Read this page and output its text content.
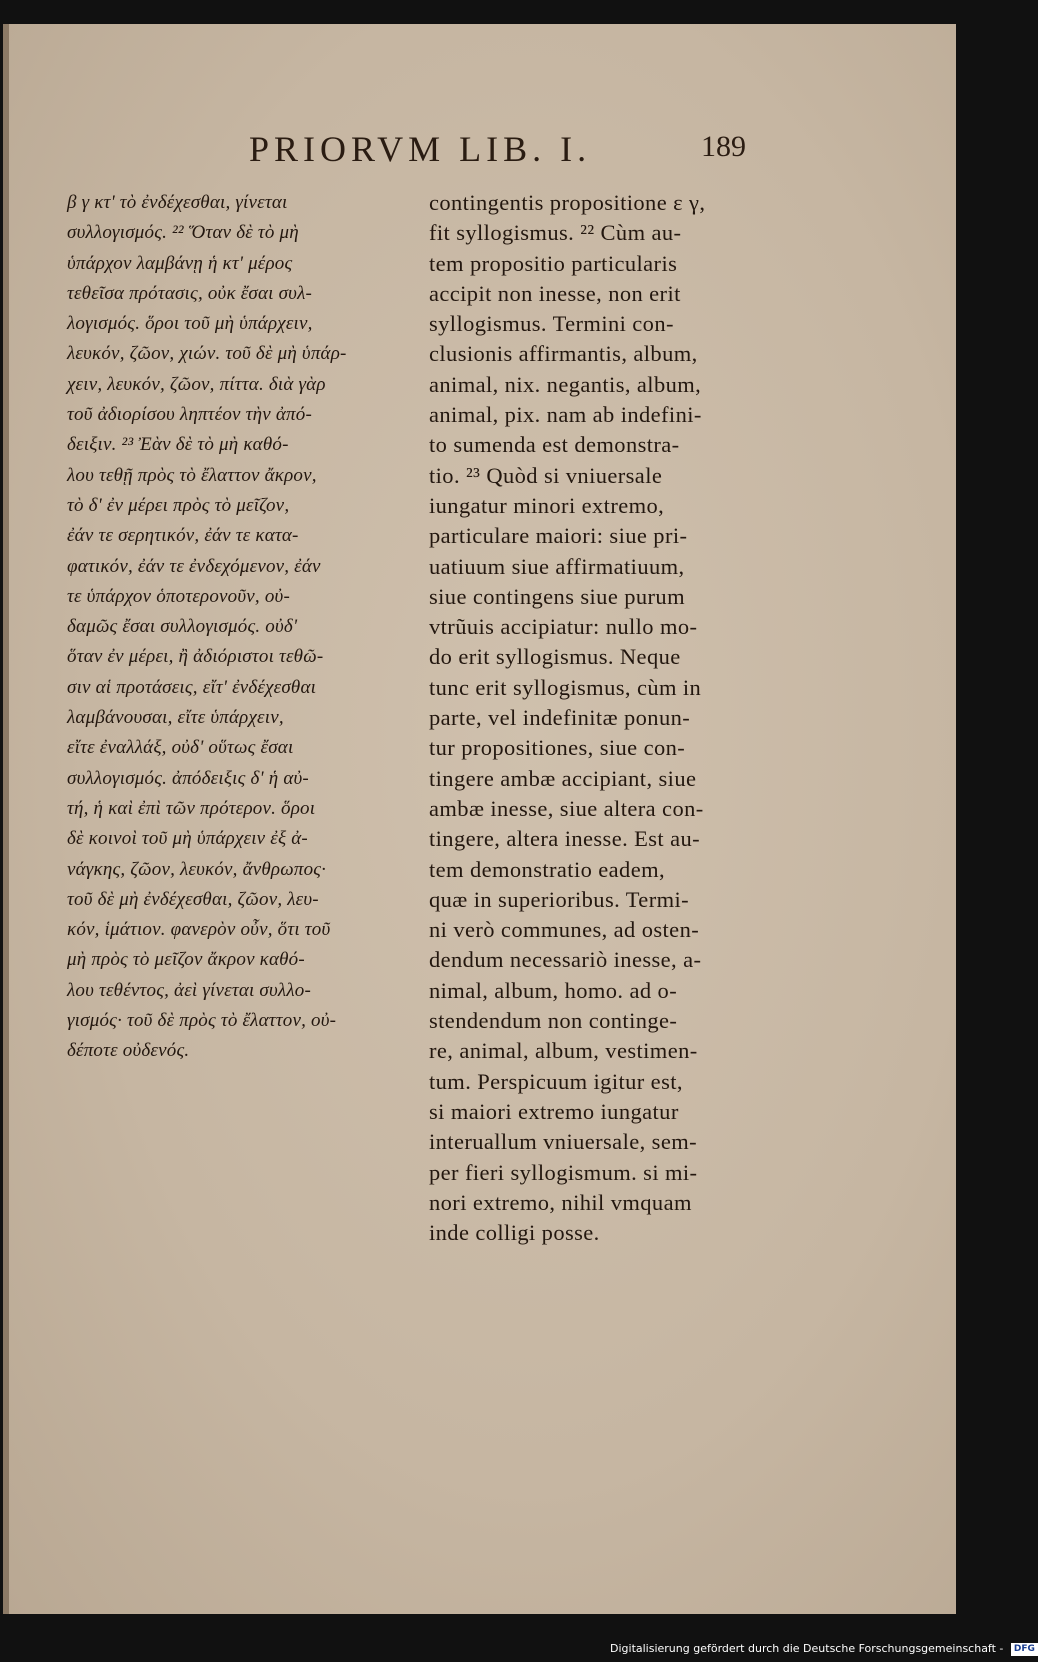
PRIORVM LIB. I.	189
β γ κτ' τὸ ἐνδέχεσθαι, γίνεται
συλλογισμός. ²² Ὅταν δὲ τὸ μὴ
ὑπάρχον λαμβάνῃ ἡ κτ' μέρος
τεθεῖσα πρότασις, οὐκ ἔσαι συλ-
λογισμός. ὅροι τοῦ μὴ ὑπάρχειν,
λευκόν, ζῶον, χιών. τοῦ δὲ μὴ ὑπάρ-
χειν, λευκόν, ζῶον, πίττα. διὰ γὰρ
τοῦ ἀδιορίσου ληπτέον τὴν ἀπό-
δειξιν. ²³ Ἐὰν δὲ τὸ μὴ καθό-
λου τεθῇ πρὸς τὸ ἔλαττον ἄκρον,
τὸ δ' ἐν μέρει πρὸς τὸ μεῖζον,
ἐάν τε σερητικόν, ἐάν τε κατα-
φατικόν, ἐάν τε ἐνδεχόμενον, ἐάν
τε ὑπάρχον ὁποτερονοῦν, οὐ-
δαμῶς ἔσαι συλλογισμός. οὐδ'
ὅταν ἐν μέρει, ἢ ἀδιόριστοι τεθῶ-
σιν αἱ προτάσεις, εἴτ' ἐνδέχεσθαι
λαμβάνουσαι, εἴτε ὑπάρχειν,
εἴτε ἐναλλάξ, οὐδ' οὕτως ἔσαι
συλλογισμός. ἀπόδειξις δ' ἡ αὐ-
τή, ἡ καὶ ἐπὶ τῶν πρότερον. ὅροι
δὲ κοινοὶ τοῦ μὴ ὑπάρχειν ἐξ ἀ-
νάγκης, ζῶον, λευκόν, ἄνθρωπος·
τοῦ δὲ μὴ ἐνδέχεσθαι, ζῶον, λευ-
κόν, ἱμάτιον. φανερὸν οὖν, ὅτι τοῦ
μὴ πρὸς τὸ μεῖζον ἄκρον καθό-
λου τεθέντος, ἀεὶ γίνεται συλλο-
γισμός· τοῦ δὲ πρὸς τὸ ἔλαττον, οὐ-
δέποτε οὐδενός.
contingentis propositione ε γ,
fit syllogismus. ²² Cùm au-
tem propositio particularis
accipit non inesse, non erit
syllogismus. Termini con-
clusionis affirmantis, album,
animal, nix. negantis, album,
animal, pix. nam ab indefini-
to sumenda est demonstra-
tio. ²³ Quòd si vniuersale
iungatur minori extremo,
particulare maiori: siue pri-
uatiuum siue affirmatiuum,
siue contingens siue purum
vtrũuis accipiatur: nullo mo-
do erit syllogismus. Neque
tunc erit syllogismus, cùm in
parte, vel indefinitæ ponun-
tur propositiones, siue con-
tingere ambæ accipiant, siue
ambæ inesse, siue altera con-
tingere, altera inesse. Est au-
tem demonstratio eadem,
quæ in superioribus. Termi-
ni verò communes, ad osten-
dendum necessariò inesse, a-
nimal, album, homo. ad o-
stendendum non continge-
re, animal, album, vestimen-
tum. Perspicuum igitur est,
si maiori extremo iungatur
interuallum vniuersale, sem-
per fieri syllogismum. si mi-
nori extremo, nihil vmquam
inde colligi posse.
Digitalisierung gefördert durch die Deutsche Forschungsgemeinschaft - DFG
